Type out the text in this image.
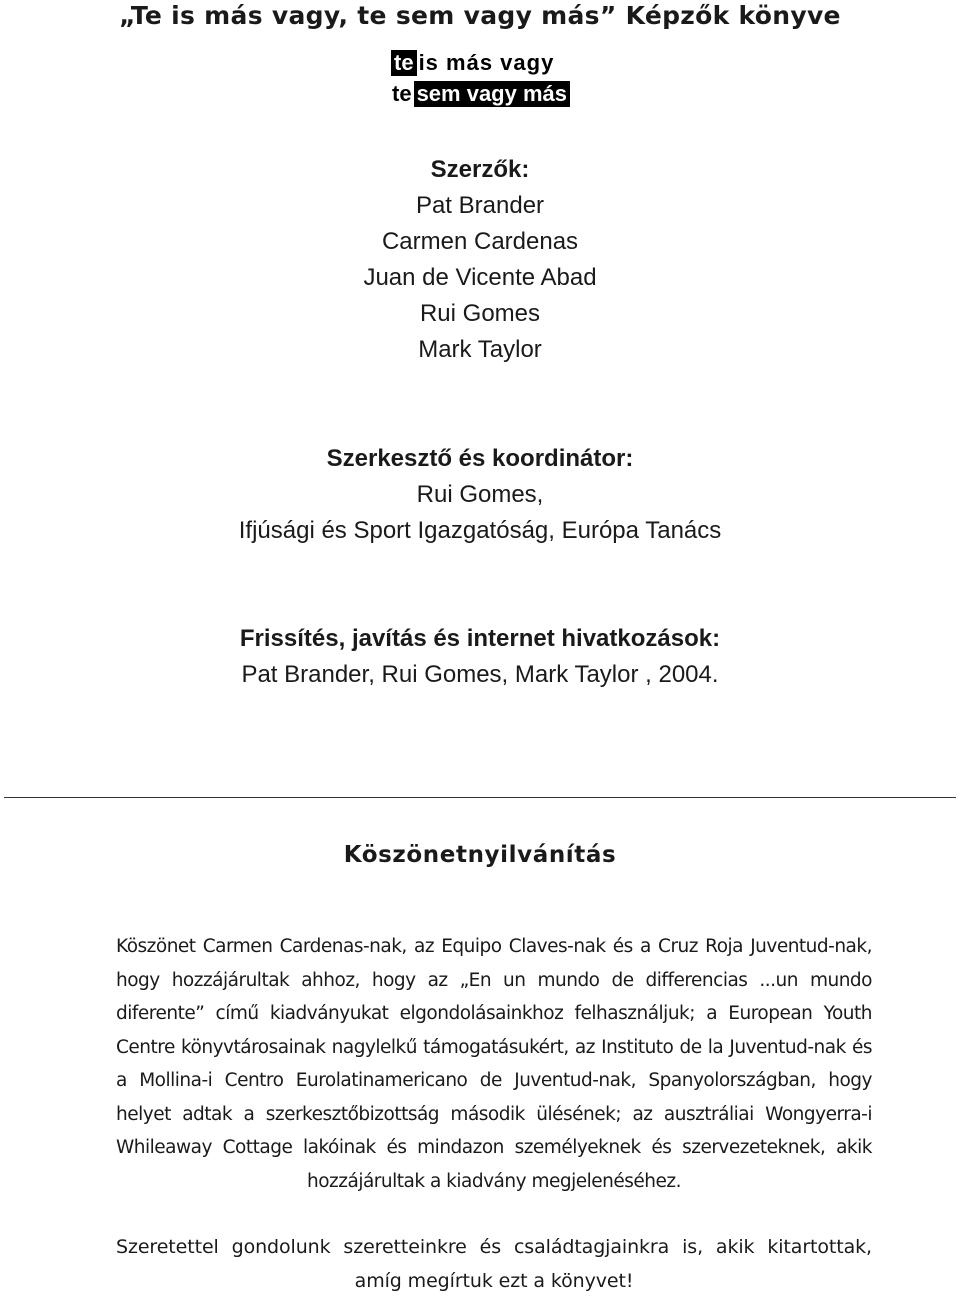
„Te is más vagy, te sem vagy más” Képzők könyve
te is más vagy
te sem vagy más
Szerzők:
Pat Brander
Carmen Cardenas
Juan de Vicente Abad
Rui Gomes
Mark Taylor
Szerkesztő és koordinátor:
Rui Gomes,
Ifjúsági és Sport Igazgatóság, Európa Tanács
Frissítés, javítás és internet hivatkozások:
Pat Brander, Rui Gomes, Mark Taylor , 2004.
Köszönetnyilvánítás
Köszönet Carmen Cardenas-nak, az Equipo Claves-nak és a Cruz Roja Juventud-nak, hogy hozzájárultak ahhoz, hogy az „En un mundo de differencias ...un mundo diferente” című kiadványukat elgondolásainkhoz felhasználjuk; a European Youth Centre könyvtárosainak nagylelkű támogatásukért, az Instituto de la Juventud-nak és a Mollina-i Centro Eurolatinamericano de Juventud-nak, Spanyolországban, hogy helyet adtak a szerkesztőbizottság második ülésének; az ausztráliai Wongyerra-i Whileaway Cottage lakóinak és mindazon személyeknek és szervezeteknek, akik hozzájárultak a kiadvány megjelenéséhez.
Szeretettel gondolunk szeretteinkre és családtagjainkra is, akik kitartottak, amíg megírtuk ezt a könyvet!
